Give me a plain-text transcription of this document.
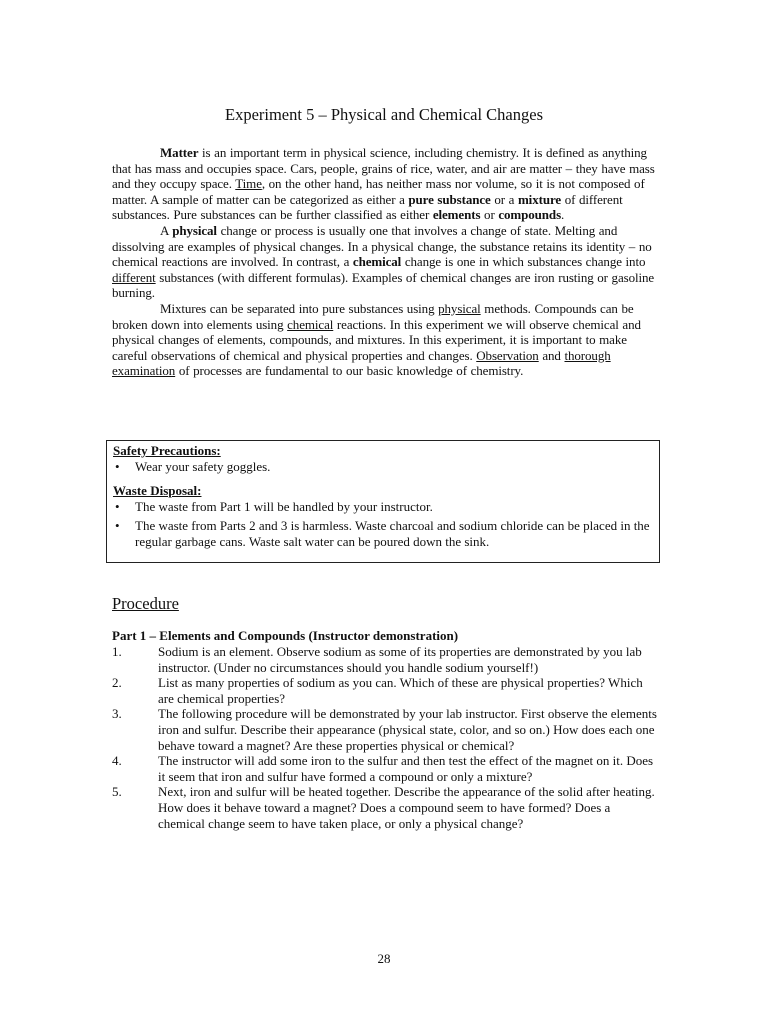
Experiment 5 – Physical and Chemical Changes

Matter is an important term in physical science, including chemistry. It is defined as anything that has mass and occupies space. Cars, people, grains of rice, water, and air are matter – they have mass and they occupy space. Time, on the other hand, has neither mass nor volume, so it is not composed of matter. A sample of matter can be categorized as either a pure substance or a mixture of different substances. Pure substances can be further classified as either elements or compounds.

A physical change or process is usually one that involves a change of state. Melting and dissolving are examples of physical changes. In a physical change, the substance retains its identity – no chemical reactions are involved. In contrast, a chemical change is one in which substances change into different substances (with different formulas). Examples of chemical changes are iron rusting or gasoline burning.

Mixtures can be separated into pure substances using physical methods. Compounds can be broken down into elements using chemical reactions. In this experiment we will observe chemical and physical changes of elements, compounds, and mixtures. In this experiment, it is important to make careful observations of chemical and physical properties and changes. Observation and thorough examination of processes are fundamental to our basic knowledge of chemistry.

Safety Precautions:

• Wear your safety goggles.

Waste Disposal:

• The waste from Part 1 will be handled by your instructor.
• The waste from Parts 2 and 3 is harmless. Waste charcoal and sodium chloride can be placed in the regular garbage cans. Waste salt water can be poured down the sink.
Procedure
Part 1 – Elements and Compounds (Instructor demonstration)
1.	Sodium is an element. Observe sodium as some of its properties are demonstrated by you lab instructor. (Under no circumstances should you handle sodium yourself!)
2.	List as many properties of sodium as you can. Which of these are physical properties? Which are chemical properties?
3.	The following procedure will be demonstrated by your lab instructor. First observe the elements iron and sulfur. Describe their appearance (physical state, color, and so on.) How does each one behave toward a magnet? Are these properties physical or chemical?
4.	The instructor will add some iron to the sulfur and then test the effect of the magnet on it. Does it seem that iron and sulfur have formed a compound or only a mixture?
5.	Next, iron and sulfur will be heated together. Describe the appearance of the solid after heating. How does it behave toward a magnet? Does a compound seem to have formed? Does a chemical change seem to have taken place, or only a physical change?
28
